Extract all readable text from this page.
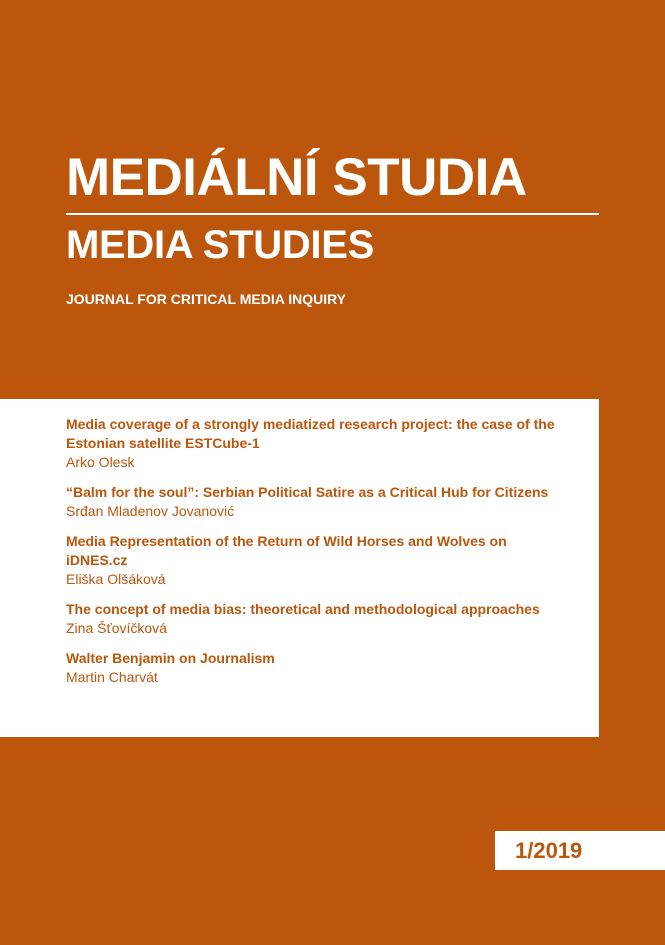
MEDIÁLNÍ STUDIA
MEDIA STUDIES
JOURNAL FOR CRITICAL MEDIA INQUIRY
Media coverage of a strongly mediatized research project: the case of the Estonian satellite ESTCube-1
Arko Olesk
“Balm for the soul”: Serbian Political Satire as a Critical Hub for Citizens
Srđan Mladenov Jovanović
Media Representation of the Return of Wild Horses and Wolves on iDNES.cz
Eliška Olšáková
The concept of media bias: theoretical and methodological approaches
Zina Šťovíčková
Walter Benjamin on Journalism
Martin Charvát
1/2019
